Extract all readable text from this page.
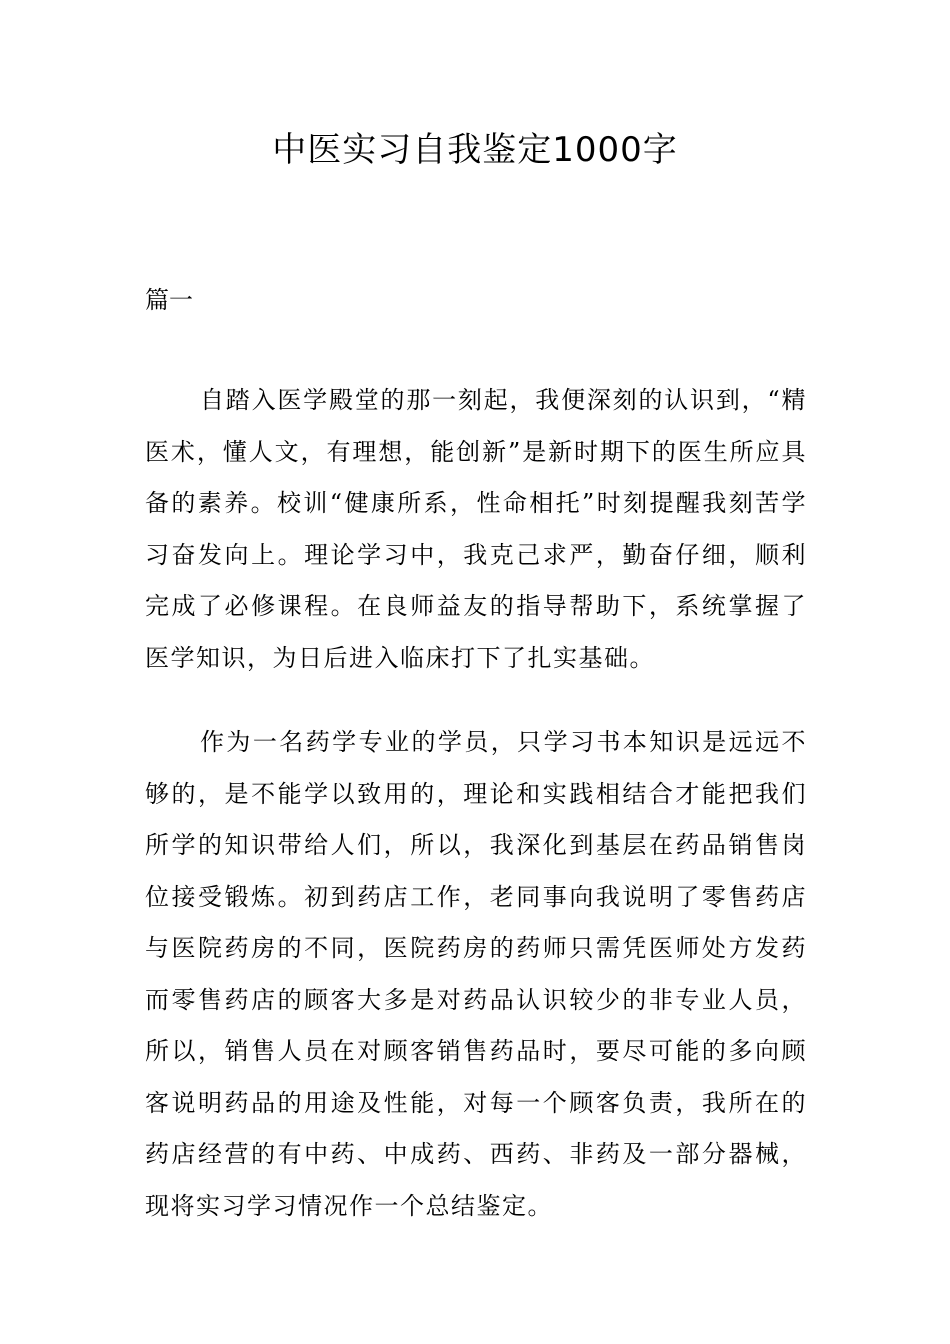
中医实习自我鉴定1000字

篇一

自踏入医学殿堂的那一刻起，我便深刻的认识到，“精医术，懂人文，有理想，能创新”是新时期下的医生所应具备的素养。校训“健康所系，性命相托”时刻提醒我刻苦学习奋发向上。理论学习中，我克己求严，勤奋仔细，顺利完成了必修课程。在良师益友的指导帮助下，系统掌握了医学知识，为日后进入临床打下了扎实基础。

作为一名药学专业的学员，只学习书本知识是远远不够的，是不能学以致用的，理论和实践相结合才能把我们所学的知识带给人们，所以，我深化到基层在药品销售岗位接受锻炼。初到药店工作，老同事向我说明了零售药店与医院药房的不同，医院药房的药师只需凭医师处方发药而零售药店的顾客大多是对药品认识较少的非专业人员，所以，销售人员在对顾客销售药品时，要尽可能的多向顾客说明药品的用途及性能，对每一个顾客负责，我所在的药店经营的有中药、中成药、西药、非药及一部分器械，现将实习学习情况作一个总结鉴定。
